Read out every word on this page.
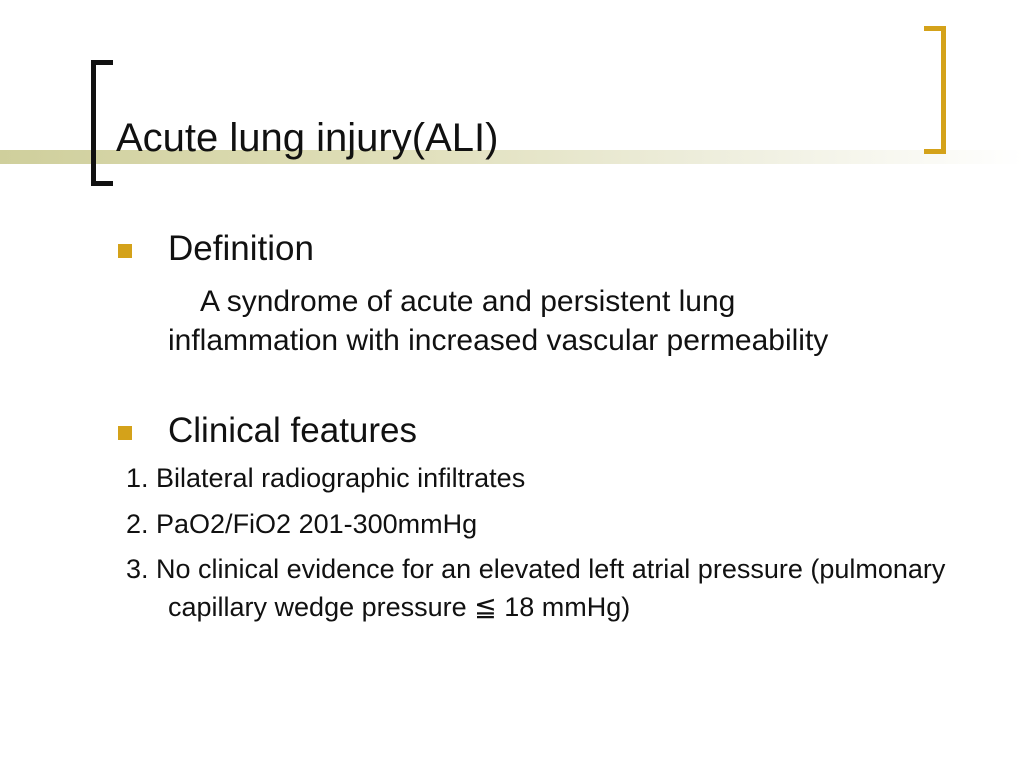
Acute lung injury(ALI)

Definition

A syndrome of acute and persistent lung inflammation with increased vascular permeability

Clinical features

1. Bilateral radiographic infiltrates

2. PaO2/FiO2 201-300mmHg

3. No clinical evidence for an elevated left atrial pressure (pulmonary capillary wedge pressure ≦ 18 mmHg)
